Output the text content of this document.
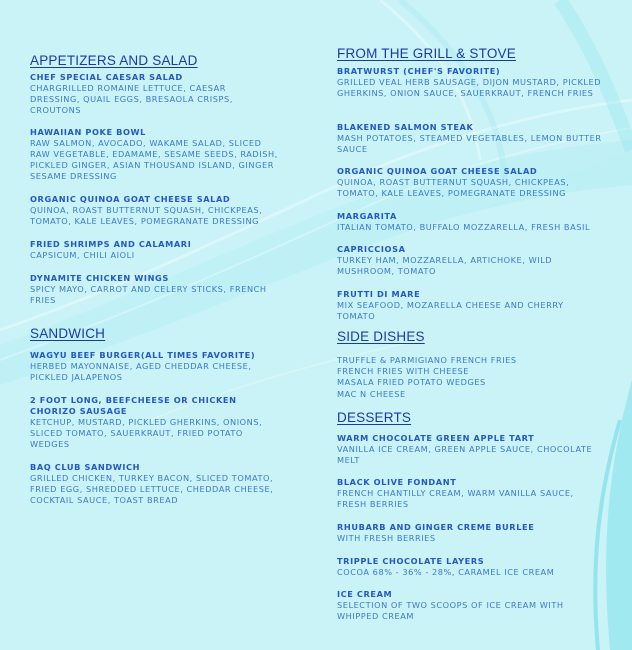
APPETIZERS AND SALAD
CHEF SPECIAL CAESAR SALAD
CHARGRILLED ROMAINE LETTUCE, CAESAR DRESSING, QUAIL EGGS, BRESAOLA CRISPS, CROUTONS
HAWAIIAN POKE BOWL
RAW SALMON, AVOCADO, WAKAME SALAD, SLICED RAW VEGETABLE, EDAMAME, SESAME SEEDS, RADISH, PICKLED GINGER, ASIAN THOUSAND ISLAND, GINGER SESAME DRESSING
ORGANIC QUINOA GOAT CHEESE SALAD
QUINOA, ROAST BUTTERNUT SQUASH, CHICKPEAS, TOMATO, KALE LEAVES, POMEGRANATE DRESSING
FRIED SHRIMPS AND CALAMARI
CAPSICUM, CHILI AIOLI
DYNAMITE CHICKEN WINGS
SPICY MAYO, CARROT AND CELERY STICKS, FRENCH FRIES
SANDWICH
WAGYU BEEF BURGER(ALL TIMES FAVORITE)
HERBED MAYONNAISE, AGED CHEDDAR CHEESE, PICKLED JALAPENOS
2 FOOT LONG, BEEFCHEESE OR CHICKEN CHORIZO SAUSAGE
KETCHUP, MUSTARD, PICKLED GHERKINS, ONIONS, SLICED TOMATO, SAUERKRAUT, FRIED POTATO WEDGES
BAQ CLUB SANDWICH
GRILLED CHICKEN, TURKEY BACON, SLICED TOMATO, FRIED EGG, SHREDDED LETTUCE, CHEDDAR CHEESE, COCKTAIL SAUCE, TOAST BREAD
FROM THE GRILL & STOVE
BRATWURST (CHEF'S FAVORITE)
GRILLED VEAL HERB SAUSAGE, DIJON MUSTARD, PICKLED GHERKINS, ONION SAUCE, SAUERKRAUT, FRENCH FRIES
BLAKENED SALMON STEAK
MASH POTATOES, STEAMED VEGETABLES, LEMON BUTTER SAUCE
ORGANIC QUINOA GOAT CHEESE SALAD
QUINOA, ROAST BUTTERNUT SQUASH, CHICKPEAS, TOMATO, KALE LEAVES, POMEGRANATE DRESSING
MARGARITA
ITALIAN TOMATO, BUFFALO MOZZARELLA, FRESH BASIL
CAPRICCIOSA
TURKEY HAM, MOZZARELLA, ARTICHOKE, WILD MUSHROOM, TOMATO
FRUTTI DI MARE
MIX SEAFOOD, MOZARELLA CHEESE AND CHERRY TOMATO
SIDE DISHES
TRUFFLE & PARMIGIANO FRENCH FRIES
FRENCH FRIES WITH CHEESE
MASALA FRIED POTATO WEDGES
MAC N CHEESE
DESSERTS
WARM CHOCOLATE GREEN APPLE TART
VANILLA ICE CREAM, GREEN APPLE SAUCE, CHOCOLATE MELT
BLACK OLIVE FONDANT
FRENCH CHANTILLY CREAM, WARM VANILLA SAUCE, FRESH BERRIES
RHUBARB AND GINGER CREME BURLEE
WITH FRESH BERRIES
TRIPPLE CHOCOLATE LAYERS
COCOA 68% - 36% - 28%, CARAMEL ICE CREAM
ICE CREAM
SELECTION OF TWO SCOOPS OF ICE CREAM WITH WHIPPED CREAM
